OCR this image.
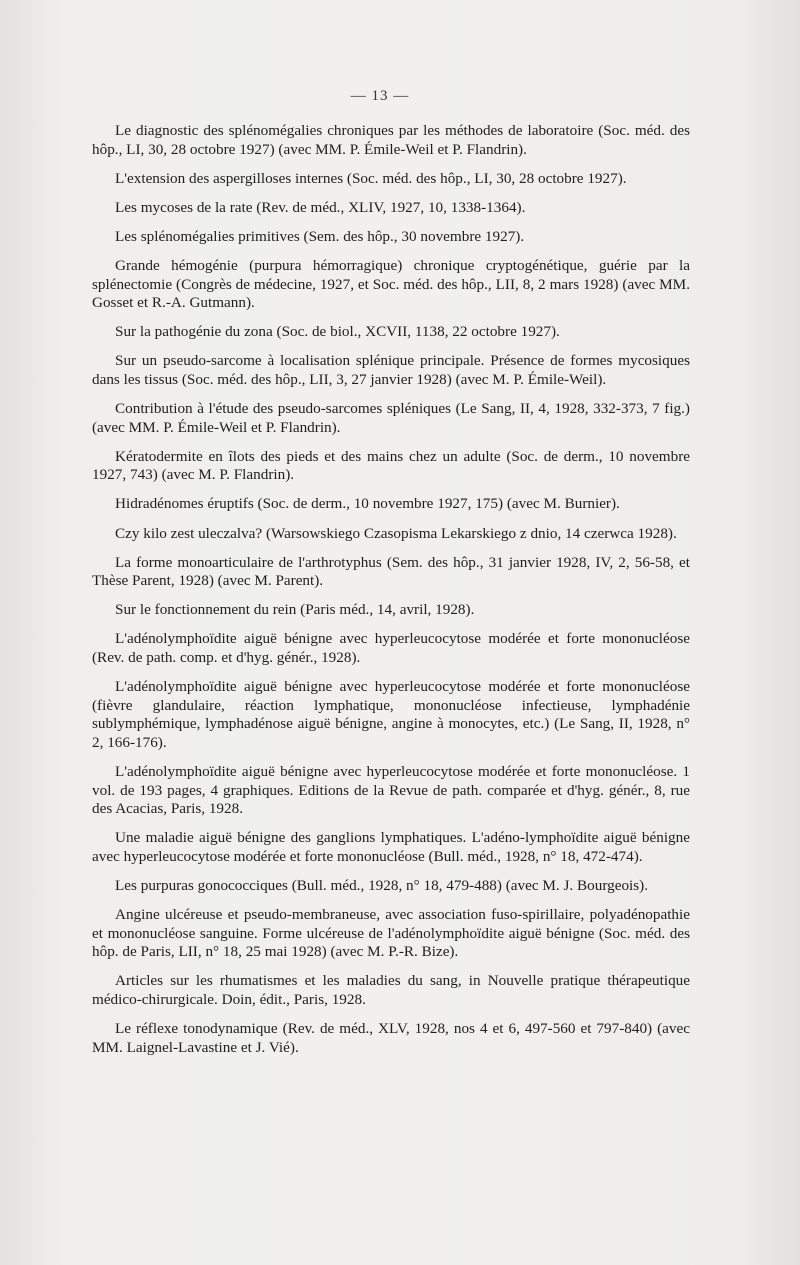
— 13 —

Le diagnostic des splénomégalies chroniques par les méthodes de laboratoire (Soc. méd. des hôp., LI, 30, 28 octobre 1927) (avec MM. P. Émile-Weil et P. Flandrin).

L'extension des aspergilloses internes (Soc. méd. des hôp., LI, 30, 28 octobre 1927).

Les mycoses de la rate (Rev. de méd., XLIV, 1927, 10, 1338-1364).

Les splénomégalies primitives (Sem. des hôp., 30 novembre 1927).

Grande hémogénie (purpura hémorragique) chronique cryptogénétique, guérie par la splénectomie (Congrès de médecine, 1927, et Soc. méd. des hôp., LII, 8, 2 mars 1928) (avec MM. Gosset et R.-A. Gutmann).

Sur la pathogénie du zona (Soc. de biol., XCVII, 1138, 22 octobre 1927).

Sur un pseudo-sarcome à localisation splénique principale. Présence de formes mycosiques dans les tissus (Soc. méd. des hôp., LII, 3, 27 janvier 1928) (avec M. P. Émile-Weil).

Contribution à l'étude des pseudo-sarcomes spléniques (Le Sang, II, 4, 1928, 332-373, 7 fig.) (avec MM. P. Émile-Weil et P. Flandrin).

Kératodermite en îlots des pieds et des mains chez un adulte (Soc. de derm., 10 novembre 1927, 743) (avec M. P. Flandrin).

Hidradénomes éruptifs (Soc. de derm., 10 novembre 1927, 175) (avec M. Burnier).

Czy kilo zest uleczalva? (Warsowskiego Czasopisma Lekarskiego z dnio, 14 czerwca 1928).

La forme monoarticulaire de l'arthrotyphus (Sem. des hôp., 31 janvier 1928, IV, 2, 56-58, et Thèse Parent, 1928) (avec M. Parent).

Sur le fonctionnement du rein (Paris méd., 14, avril, 1928).

L'adénolymphoïdite aiguë bénigne avec hyperleucocytose modérée et forte mononucléose (Rev. de path. comp. et d'hyg. génér., 1928).

L'adénolymphoïdite aiguë bénigne avec hyperleucocytose modérée et forte mononucléose (fièvre glandulaire, réaction lymphatique, mononucléose infectieuse, lymphadénie sublymphémique, lymphadénose aiguë bénigne, angine à monocytes, etc.) (Le Sang, II, 1928, n° 2, 166-176).

L'adénolymphoïdite aiguë bénigne avec hyperleucocytose modérée et forte mononucléose. 1 vol. de 193 pages, 4 graphiques. Editions de la Revue de path. comparée et d'hyg. génér., 8, rue des Acacias, Paris, 1928.

Une maladie aiguë bénigne des ganglions lymphatiques. L'adéno-lymphoïdite aiguë bénigne avec hyperleucocytose modérée et forte mononucléose (Bull. méd., 1928, n° 18, 472-474).

Les purpuras gonococciques (Bull. méd., 1928, n° 18, 479-488) (avec M. J. Bourgeois).

Angine ulcéreuse et pseudo-membraneuse, avec association fuso-spirillaire, polyadénopathie et mononucléose sanguine. Forme ulcéreuse de l'adénolymphoïdite aiguë bénigne (Soc. méd. des hôp. de Paris, LII, n° 18, 25 mai 1928) (avec M. P.-R. Bize).

Articles sur les rhumatismes et les maladies du sang, in Nouvelle pratique thérapeutique médico-chirurgicale. Doin, édit., Paris, 1928.

Le réflexe tonodynamique (Rev. de méd., XLV, 1928, nos 4 et 6, 497-560 et 797-840) (avec MM. Laignel-Lavastine et J. Vié).
